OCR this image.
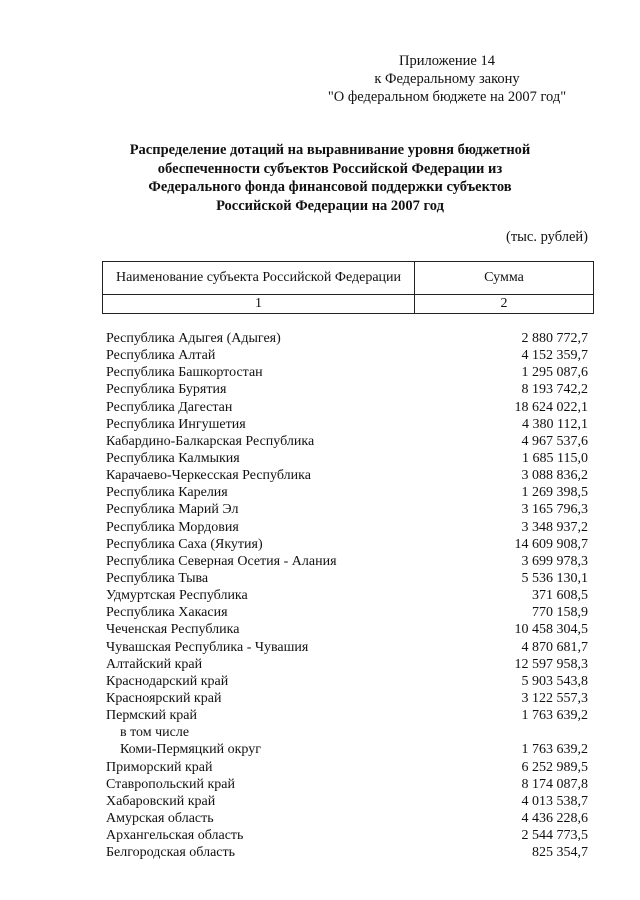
Приложение 14
к Федеральному закону
"О федеральном бюджете на 2007 год"
Распределение дотаций на выравнивание уровня бюджетной
обеспеченности субъектов Российской Федерации из
Федерального фонда финансовой поддержки субъектов
Российской Федерации на 2007 год
(тыс. рублей)
Наименование субъекта Российской Федерации	Сумма
1	2
Республика Адыгея (Адыгея)	2 880 772,7
Республика Алтай	4 152 359,7
Республика Башкортостан	1 295 087,6
Республика Бурятия	8 193 742,2
Республика Дагестан	18 624 022,1
Республика Ингушетия	4 380 112,1
Кабардино-Балкарская Республика	4 967 537,6
Республика Калмыкия	1 685 115,0
Карачаево-Черкесская Республика	3 088 836,2
Республика Карелия	1 269 398,5
Республика Марий Эл	3 165 796,3
Республика Мордовия	3 348 937,2
Республика Саха (Якутия)	14 609 908,7
Республика Северная Осетия - Алания	3 699 978,3
Республика Тыва	5 536 130,1
Удмуртская Республика	371 608,5
Республика Хакасия	770 158,9
Чеченская Республика	10 458 304,5
Чувашская Республика - Чувашия	4 870 681,7
Алтайский край	12 597 958,3
Краснодарский край	5 903 543,8
Красноярский край	3 122 557,3
Пермский край	1 763 639,2
в том числе
Коми-Пермяцкий округ	1 763 639,2
Приморский край	6 252 989,5
Ставропольский край	8 174 087,8
Хабаровский край	4 013 538,7
Амурская область	4 436 228,6
Архангельская область	2 544 773,5
Белгородская область	825 354,7
